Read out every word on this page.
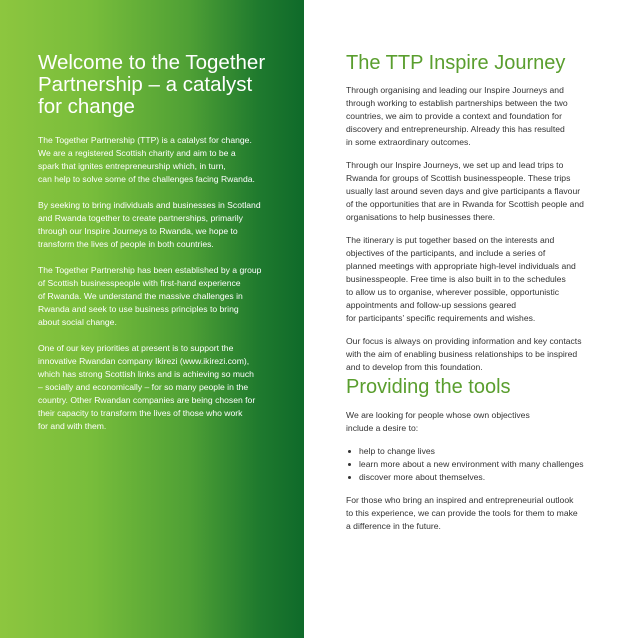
Welcome to the Together
Partnership – a catalyst
for change

The Together Partnership (TTP) is a catalyst for change.
We are a registered Scottish charity and aim to be a
spark that ignites entrepreneurship which, in turn,
can help to solve some of the challenges facing Rwanda.

By seeking to bring individuals and businesses in Scotland
and Rwanda together to create partnerships, primarily
through our Inspire Journeys to Rwanda, we hope to
transform the lives of people in both countries.

The Together Partnership has been established by a group
of Scottish businesspeople with first-hand experience
of Rwanda. We understand the massive challenges in
Rwanda and seek to use business principles to bring
about social change.

One of our key priorities at present is to support the
innovative Rwandan company Ikirezi (www.ikirezi.com),
which has strong Scottish links and is achieving so much
– socially and economically – for so many people in the
country. Other Rwandan companies are being chosen for
their capacity to transform the lives of those who work
for and with them.

The TTP Inspire Journey

Through organising and leading our Inspire Journeys and
through working to establish partnerships between the two
countries, we aim to provide a context and foundation for
discovery and entrepreneurship. Already this has resulted
in some extraordinary outcomes.

Through our Inspire Journeys, we set up and lead trips to
Rwanda for groups of Scottish businesspeople. These trips
usually last around seven days and give participants a flavour
of the opportunities that are in Rwanda for Scottish people and
organisations to help businesses there.

The itinerary is put together based on the interests and
objectives of the participants, and include a series of
planned meetings with appropriate high-level individuals and
businesspeople. Free time is also built in to the schedules
to allow us to organise, wherever possible, opportunistic
appointments and follow-up sessions geared
for participants’ specific requirements and wishes.

Our focus is always on providing information and key contacts
with the aim of enabling business relationships to be inspired
and to develop from this foundation.

Providing the tools

We are looking for people whose own objectives
include a desire to:

help to change lives
learn more about a new environment with many challenges
discover more about themselves.

For those who bring an inspired and entrepreneurial outlook
to this experience, we can provide the tools for them to make
a difference in the future.
